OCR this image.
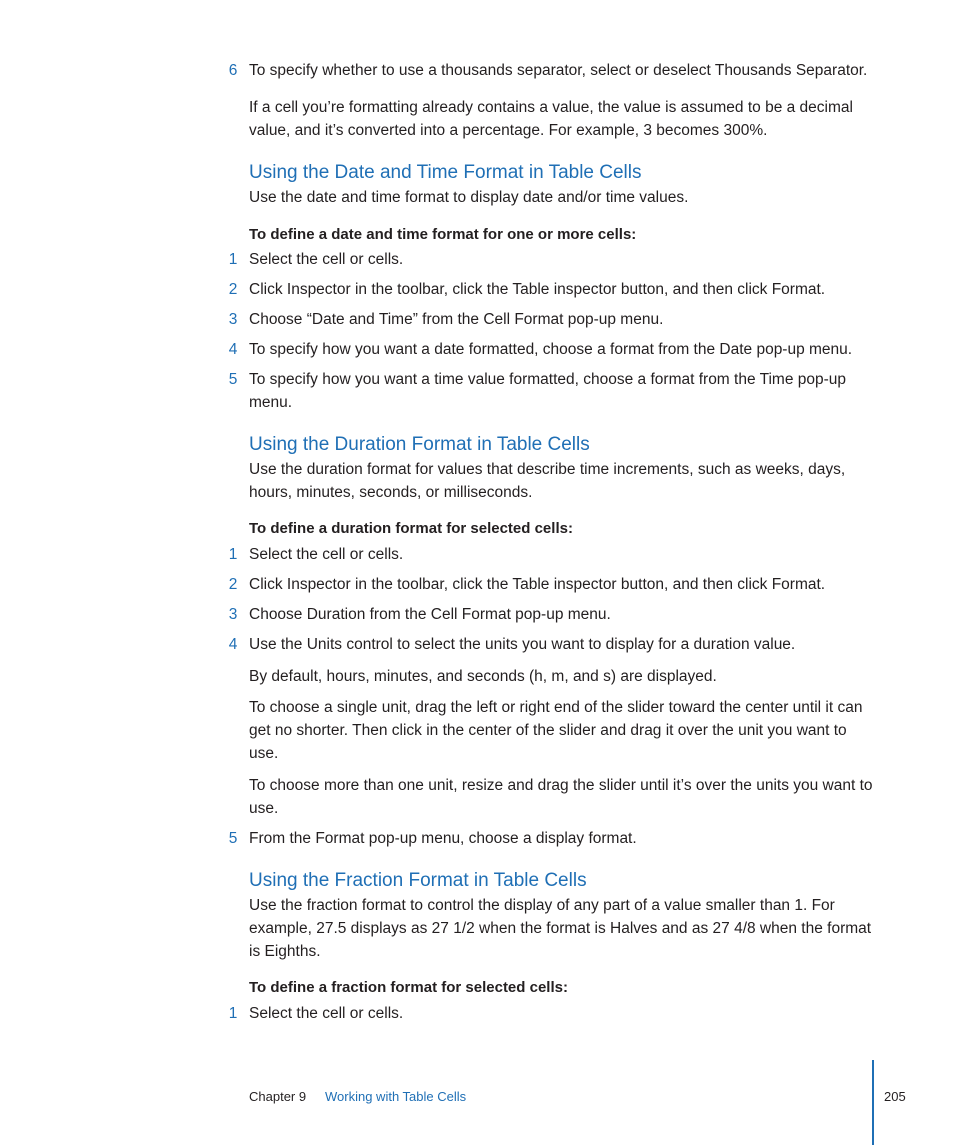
6 To specify whether to use a thousands separator, select or deselect Thousands Separator.
If a cell you’re formatting already contains a value, the value is assumed to be a decimal value, and it’s converted into a percentage. For example, 3 becomes 300%.
Using the Date and Time Format in Table Cells
Use the date and time format to display date and/or time values.
To define a date and time format for one or more cells:
1 Select the cell or cells.
2 Click Inspector in the toolbar, click the Table inspector button, and then click Format.
3 Choose “Date and Time” from the Cell Format pop-up menu.
4 To specify how you want a date formatted, choose a format from the Date pop-up menu.
5 To specify how you want a time value formatted, choose a format from the Time pop-up menu.
Using the Duration Format in Table Cells
Use the duration format for values that describe time increments, such as weeks, days, hours, minutes, seconds, or milliseconds.
To define a duration format for selected cells:
1 Select the cell or cells.
2 Click Inspector in the toolbar, click the Table inspector button, and then click Format.
3 Choose Duration from the Cell Format pop-up menu.
4 Use the Units control to select the units you want to display for a duration value.
By default, hours, minutes, and seconds (h, m, and s) are displayed.
To choose a single unit, drag the left or right end of the slider toward the center until it can get no shorter. Then click in the center of the slider and drag it over the unit you want to use.
To choose more than one unit, resize and drag the slider until it’s over the units you want to use.
5 From the Format pop-up menu, choose a display format.
Using the Fraction Format in Table Cells
Use the fraction format to control the display of any part of a value smaller than 1. For example, 27.5 displays as 27 1/2 when the format is Halves and as 27 4/8 when the format is Eighths.
To define a fraction format for selected cells:
1 Select the cell or cells.
Chapter 9 Working with Table Cells	205
